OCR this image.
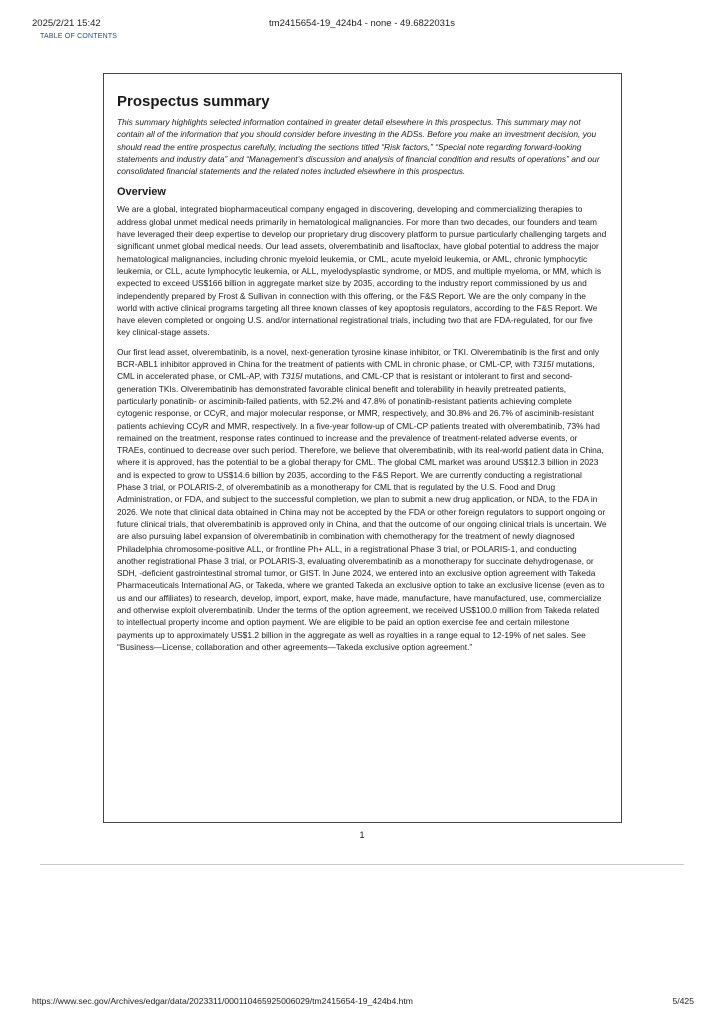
2025/2/21 15:42	tm2415654-19_424b4 - none - 49.6822031s
TABLE OF CONTENTS
Prospectus summary

This summary highlights selected information contained in greater detail elsewhere in this prospectus. This summary may not contain all of the information that you should consider before investing in the ADSs. Before you make an investment decision, you should read the entire prospectus carefully, including the sections titled “Risk factors,” “Special note regarding forward-looking statements and industry data” and “Management’s discussion and analysis of financial condition and results of operations” and our consolidated financial statements and the related notes included elsewhere in this prospectus.

Overview

We are a global, integrated biopharmaceutical company engaged in discovering, developing and commercializing therapies to address global unmet medical needs primarily in hematological malignancies. For more than two decades, our founders and team have leveraged their deep expertise to develop our proprietary drug discovery platform to pursue particularly challenging targets and significant unmet global medical needs. Our lead assets, olverembatinib and lisaftoclax, have global potential to address the major hematological malignancies, including chronic myeloid leukemia, or CML, acute myeloid leukemia, or AML, chronic lymphocytic leukemia, or CLL, acute lymphocytic leukemia, or ALL, myelodysplastic syndrome, or MDS, and multiple myeloma, or MM, which is expected to exceed US$166 billion in aggregate market size by 2035, according to the industry report commissioned by us and independently prepared by Frost & Sullivan in connection with this offering, or the F&S Report. We are the only company in the world with active clinical programs targeting all three known classes of key apoptosis regulators, according to the F&S Report. We have eleven completed or ongoing U.S. and/or international registrational trials, including two that are FDA-regulated, for our five key clinical-stage assets.

Our first lead asset, olverembatinib, is a novel, next-generation tyrosine kinase inhibitor, or TKI. Olverembatinib is the first and only BCR-ABL1 inhibitor approved in China for the treatment of patients with CML in chronic phase, or CML-CP, with T315I mutations, CML in accelerated phase, or CML-AP, with T315I mutations, and CML-CP that is resistant or intolerant to first and second-generation TKIs. Olverembatinib has demonstrated favorable clinical benefit and tolerability in heavily pretreated patients, particularly ponatinib- or asciminib-failed patients, with 52.2% and 47.8% of ponatinib-resistant patients achieving complete cytogenic response, or CCyR, and major molecular response, or MMR, respectively, and 30.8% and 26.7% of asciminib-resistant patients achieving CCyR and MMR, respectively. In a five-year follow-up of CML-CP patients treated with olverembatinib, 73% had remained on the treatment, response rates continued to increase and the prevalence of treatment-related adverse events, or TRAEs, continued to decrease over such period. Therefore, we believe that olverembatinib, with its real-world patient data in China, where it is approved, has the potential to be a global therapy for CML. The global CML market was around US$12.3 billion in 2023 and is expected to grow to US$14.6 billion by 2035, according to the F&S Report. We are currently conducting a registrational Phase 3 trial, or POLARIS-2, of olverembatinib as a monotherapy for CML that is regulated by the U.S. Food and Drug Administration, or FDA, and subject to the successful completion, we plan to submit a new drug application, or NDA, to the FDA in 2026. We note that clinical data obtained in China may not be accepted by the FDA or other foreign regulators to support ongoing or future clinical trials, that olverembatinib is approved only in China, and that the outcome of our ongoing clinical trials is uncertain. We are also pursuing label expansion of olverembatinib in combination with chemotherapy for the treatment of newly diagnosed Philadelphia chromosome-positive ALL, or frontline Ph+ ALL, in a registrational Phase 3 trial, or POLARIS-1, and conducting another registrational Phase 3 trial, or POLARIS-3, evaluating olverembatinib as a monotherapy for succinate dehydrogenase, or SDH, -deficient gastrointestinal stromal tumor, or GIST. In June 2024, we entered into an exclusive option agreement with Takeda Pharmaceuticals International AG, or Takeda, where we granted Takeda an exclusive option to take an exclusive license (even as to us and our affiliates) to research, develop, import, export, make, have made, manufacture, have manufactured, use, commercialize and otherwise exploit olverembatinib. Under the terms of the option agreement, we received US$100.0 million from Takeda related to intellectual property income and option payment. We are eligible to be paid an option exercise fee and certain milestone payments up to approximately US$1.2 billion in the aggregate as well as royalties in a range equal to 12-19% of net sales. See “Business—License, collaboration and other agreements—Takeda exclusive option agreement.”

1
https://www.sec.gov/Archives/edgar/data/2023311/000110465925006029/tm2415654-19_424b4.htm	5/425
